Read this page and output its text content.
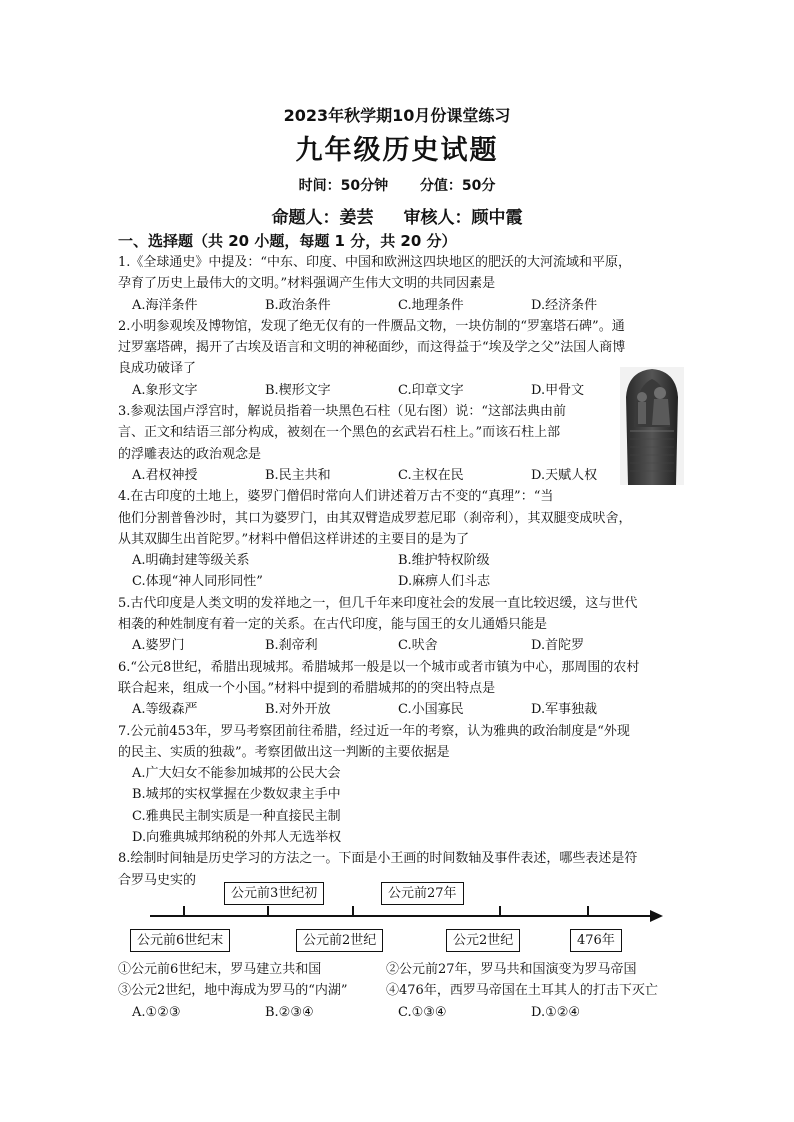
2023年秋学期10月份课堂练习
九年级历史试题
时间：50分钟 分值：50分
命题人：姜芸 审核人：顾中霞
一、选择题（共 20 小题，每题 1 分，共 20 分）
1.《全球通史》中提及：“中东、印度、中国和欧洲这四块地区的肥沃的大河流域和平原，
孕育了历史上最伟大的文明。”材料强调产生伟大文明的共同因素是
A.海洋条件	B.政治条件	C.地理条件	D.经济条件
2.小明参观埃及博物馆，发现了绝无仅有的一件赝品文物，一块仿制的“罗塞塔石碑”。通
过罗塞塔碑，揭开了古埃及语言和文明的神秘面纱，而这得益于“埃及学之父”法国人商博
良成功破译了
A.象形文字	B.楔形文字	C.印章文字	D.甲骨文
3.参观法国卢浮宫时，解说员指着一块黑色石柱（见右图）说：“这部法典由前
言、正文和结语三部分构成，被刻在一个黑色的玄武岩石柱上。”而该石柱上部
的浮雕表达的政治观念是
A.君权神授	B.民主共和	C.主权在民	D.天赋人权
4.在古印度的土地上，婆罗门僧侣时常向人们讲述着万古不变的“真理”：“当
他们分割普鲁沙时，其口为婆罗门，由其双臂造成罗惹尼耶（刹帝利），其双腿变成吠舍，
从其双脚生出首陀罗。”材料中僧侣这样讲述的主要目的是为了
A.明确封建等级关系	B.维护特权阶级
C.体现“神人同形同性”	D.麻痹人们斗志
5.古代印度是人类文明的发祥地之一，但几千年来印度社会的发展一直比较迟缓，这与世代
相袭的种姓制度有着一定的关系。在古代印度，能与国王的女儿通婚只能是
A.婆罗门	B.刹帝利	C.吠舍	D.首陀罗
6.“公元8世纪，希腊出现城邦。希腊城邦一般是以一个城市或者市镇为中心，那周围的农村
联合起来，组成一个小国。”材料中提到的希腊城邦的的突出特点是
A.等级森严	B.对外开放	C.小国寡民	D.军事独裁
7.公元前453年，罗马考察团前往希腊，经过近一年的考察，认为雅典的政治制度是“外现
的民主、实质的独裁”。考察团做出这一判断的主要依据是
A.广大妇女不能参加城邦的公民大会
B.城邦的实权掌握在少数奴隶主手中
C.雅典民主制实质是一种直接民主制
D.向雅典城邦纳税的外邦人无选举权
8.绘制时间轴是历史学习的方法之一。下面是小王画的时间数轴及事件表述，哪些表述是符
合罗马史实的
公元前3世纪初	公元前27年
公元前6世纪末	公元前2世纪	公元2世纪	476年
①公元前6世纪末，罗马建立共和国	②公元前27年，罗马共和国演变为罗马帝国
③公元2世纪，地中海成为罗马的“内湖”	④476年，西罗马帝国在土耳其人的打击下灭亡
A.①②③	B.②③④	C.①③④	D.①②④
